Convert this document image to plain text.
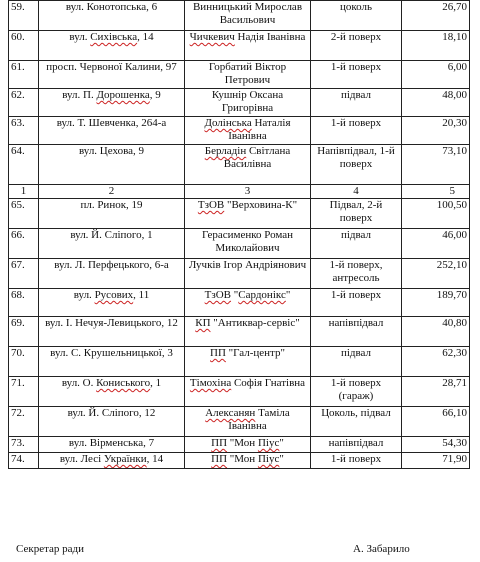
59.	вул. Конотопська, 6	Винницький Мирослав Васильович	цоколь	26,70
60.	вул. Сихівська, 14	Чичкевич Надія Іванівна	2-й поверх	18,10
61.	просп. Червоної Калини, 97	Горбатий Віктор Петрович	1-й поверх	6,00
62.	вул. П. Дорошенка, 9	Кушнір Оксана Григорівна	підвал	48,00
63.	вул. Т. Шевченка, 264-а	Долінська Наталія Іванівна	1-й поверх	20,30
64.	вул. Цехова, 9	Берладін Світлана Василівна	Напівпідвал, 1-й поверх	73,10
1	2	3	4	5
65.	пл. Ринок, 19	ТзОВ "Верховина-К"	Підвал, 2-й поверх	100,50
66.	вул. Й. Сліпого, 1	Герасименко Роман Миколайович	підвал	46,00
67.	вул. Л. Перфецького, 6-а	Лучків Ігор Андріянович	1-й поверх, антресоль	252,10
68.	вул. Русових, 11	ТзОВ "Сардонікс"	1-й поверх	189,70
69.	вул. І. Нечуя-Левицького, 12	КП "Антиквар-сервіс"	напівпідвал	40,80
70.	вул. С. Крушельницької, 3	ПП "Гал-центр"	підвал	62,30
71.	вул. О. Кониського, 1	Тімохіна Софія Гнатівна	1-й поверх (гараж)	28,71
72.	вул. Й. Сліпого, 12	Алексанян Таміла Іванівна	Цоколь, підвал	66,10
73.	вул. Вірменська, 7	ПП "Мон Піус"	напівпідвал	54,30
74.	вул. Лесі Українки, 14	ПП "Мон Піус"	1-й поверх	71,90
Секретар ради	А. Забарило
